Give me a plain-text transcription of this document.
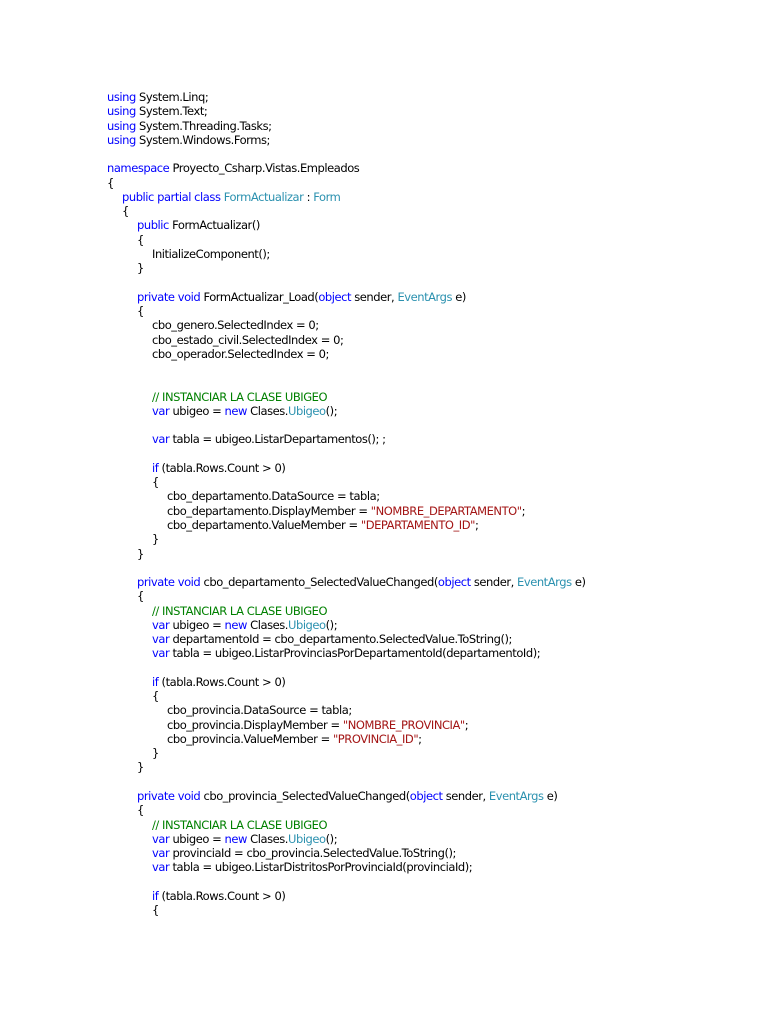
using System.Linq;
using System.Text;
using System.Threading.Tasks;
using System.Windows.Forms;
namespace Proyecto_Csharp.Vistas.Empleados
{
public partial class FormActualizar : Form
{
public FormActualizar()
{
InitializeComponent();
}
private void FormActualizar_Load(object sender, EventArgs e)
{
cbo_genero.SelectedIndex = 0;
cbo_estado_civil.SelectedIndex = 0;
cbo_operador.SelectedIndex = 0;
// INSTANCIAR LA CLASE UBIGEO
var ubigeo = new Clases.Ubigeo();
var tabla = ubigeo.ListarDepartamentos(); ;
if (tabla.Rows.Count > 0)
{
cbo_departamento.DataSource = tabla;
cbo_departamento.DisplayMember = "NOMBRE_DEPARTAMENTO";
cbo_departamento.ValueMember = "DEPARTAMENTO_ID";
}
}
private void cbo_departamento_SelectedValueChanged(object sender, EventArgs e)
{
// INSTANCIAR LA CLASE UBIGEO
var ubigeo = new Clases.Ubigeo();
var departamentoId = cbo_departamento.SelectedValue.ToString();
var tabla = ubigeo.ListarProvinciasPorDepartamentoId(departamentoId);
if (tabla.Rows.Count > 0)
{
cbo_provincia.DataSource = tabla;
cbo_provincia.DisplayMember = "NOMBRE_PROVINCIA";
cbo_provincia.ValueMember = "PROVINCIA_ID";
}
}
private void cbo_provincia_SelectedValueChanged(object sender, EventArgs e)
{
// INSTANCIAR LA CLASE UBIGEO
var ubigeo = new Clases.Ubigeo();
var provinciaId = cbo_provincia.SelectedValue.ToString();
var tabla = ubigeo.ListarDistritosPorProvinciaId(provinciaId);
if (tabla.Rows.Count > 0)
{
